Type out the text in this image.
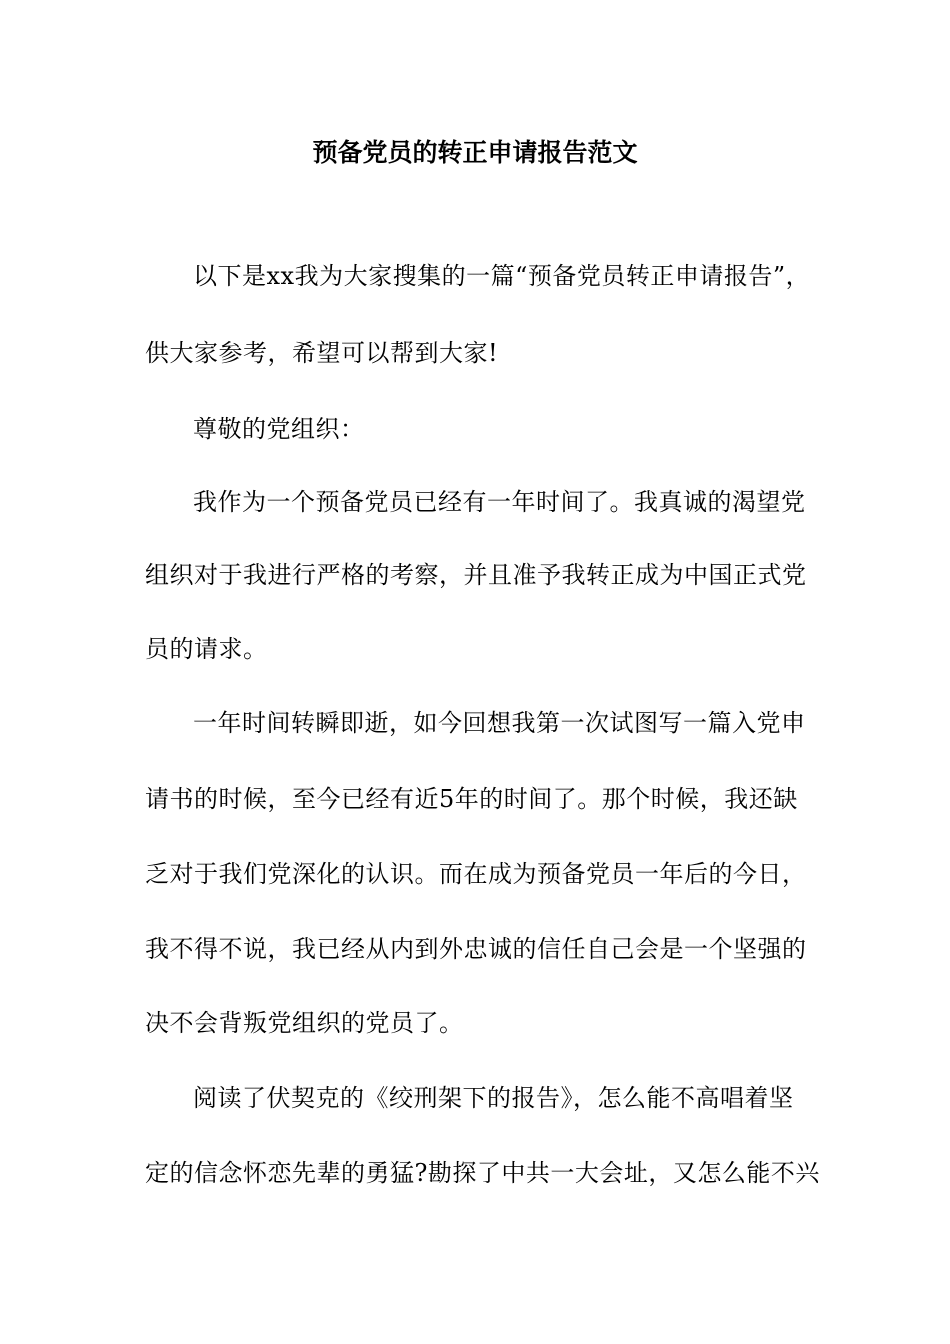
预备党员的转正申请报告范文
以下是xx我为大家搜集的一篇“预备党员转正申请报告”，
供大家参考，希望可以帮到大家!
尊敬的党组织：
我作为一个预备党员已经有一年时间了。我真诚的渴望党
组织对于我进行严格的考察，并且准予我转正成为中国正式党
员的请求。
一年时间转瞬即逝，如今回想我第一次试图写一篇入党申
请书的时候，至今已经有近5年的时间了。那个时候，我还缺
乏对于我们党深化的认识。而在成为预备党员一年后的今日，
我不得不说，我已经从内到外忠诚的信任自己会是一个坚强的
决不会背叛党组织的党员了。
阅读了伏契克的《绞刑架下的报告》，怎么能不高唱着坚
定的信念怀恋先辈的勇猛?勘探了中共一大会址，又怎么能不兴
